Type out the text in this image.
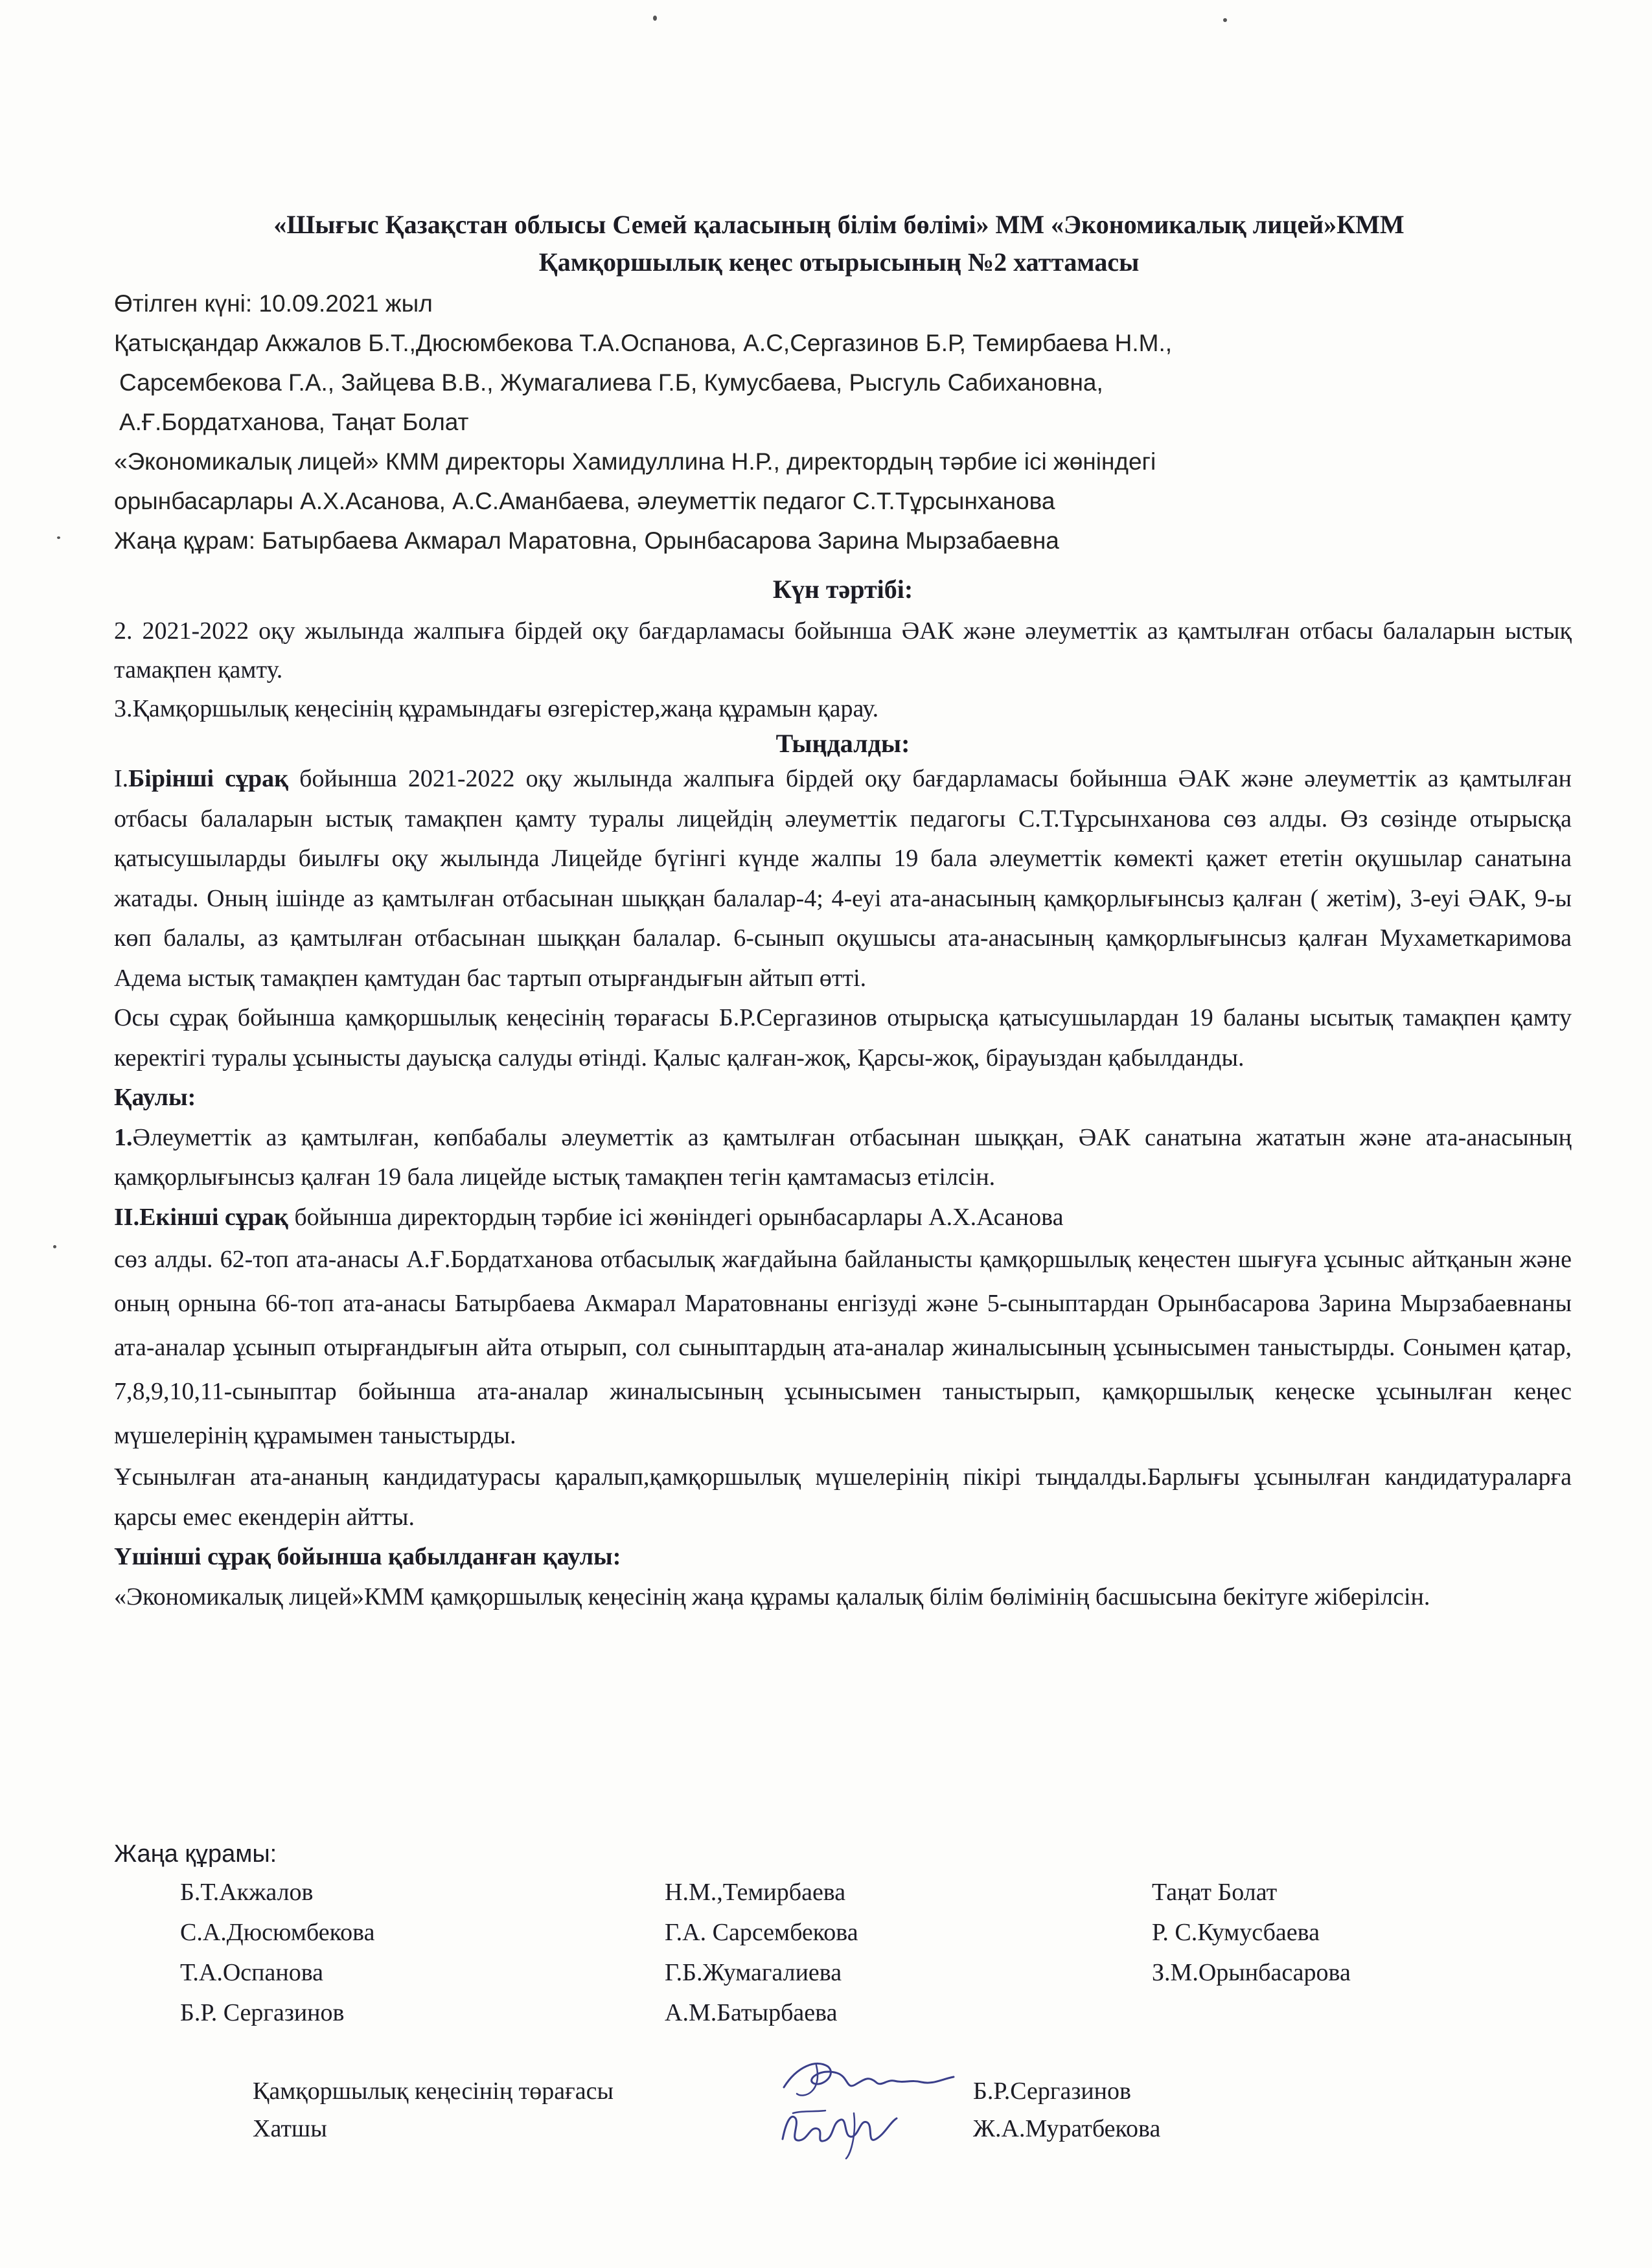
«Шығыс Қазақстан облысы Семей қаласының білім бөлімі» ММ «Экономикалық лицей»КММ
Қамқоршылық кеңес отырысының №2 хаттамасы

Өтілген күні: 10.09.2021 жыл

Қатысқандар Акжалов Б.Т.,Дюсюмбекова Т.А.Оспанова, А.С,Сергазинов Б.Р, Темирбаева Н.М.,

Сарсембекова Г.А., Зайцева В.В., Жумагалиева Г.Б, Кумусбаева, Рысгуль Сабихановна,

А.Ғ.Бордатханова, Таңат Болат

«Экономикалық лицей» КММ директоры Хамидуллина Н.Р., директордың тәрбие ісі жөніндегі

орынбасарлары А.Х.Асанова, А.С.Аманбаева, әлеуметтік педагог С.Т.Тұрсынханова

Жаңа құрам: Батырбаева Акмарал Маратовна, Орынбасарова Зарина Мырзабаевна

Күн тәртібі:

2. 2021-2022 оқу жылында жалпыға бірдей оқу бағдарламасы бойынша ӘАК және әлеуметтік аз қамтылған отбасы балаларын ыстық тамақпен қамту.

3.Қамқоршылық кеңесінің құрамындағы өзгерістер,жаңа құрамын қарау.

Тыңдалды:

І.Бірінші сұрақ бойынша 2021-2022 оқу жылында жалпыға бірдей оқу бағдарламасы бойынша ӘАК және әлеуметтік аз қамтылған отбасы балаларын ыстық тамақпен қамту туралы лицейдің әлеуметтік педагогы С.Т.Тұрсынханова сөз алды. Өз сөзінде отырысқа қатысушыларды биылғы оқу жылында Лицейде бүгінгі күнде жалпы 19 бала әлеуметтік көмекті қажет ететін оқушылар санатына жатады. Оның ішінде аз қамтылған отбасынан шыққан балалар-4; 4-еуі ата-анасының қамқорлығынсыз қалған ( жетім), 3-еуі ӘАК, 9-ы көп балалы, аз қамтылған отбасынан шыққан балалар. 6-сынып оқушысы ата-анасының қамқорлығынсыз қалған Мухаметкаримова Адема ыстық тамақпен қамтудан бас тартып отырғандығын айтып өтті.

Осы сұрақ бойынша қамқоршылық кеңесінің төрағасы Б.Р.Сергазинов отырысқа қатысушылардан 19 баланы ысытық тамақпен қамту керектігі туралы ұсынысты дауысқа салуды өтінді. Қалыс қалған-жоқ, Қарсы-жоқ, бірауыздан қабылданды.

Қаулы:

1.Әлеуметтік аз қамтылған, көпбабалы әлеуметтік аз қамтылған отбасынан шыққан, ӘАК санатына жататын және ата-анасының қамқорлығынсыз қалған 19 бала лицейде ыстық тамақпен тегін қамтамасыз етілсін.

ІІ.Екінші сұрақ бойынша директордың тәрбие ісі жөніндегі орынбасарлары А.Х.Асанова

сөз алды. 62-топ ата-анасы А.Ғ.Бордатханова отбасылық жағдайына байланысты қамқоршылық кеңестен шығуға ұсыныс айтқанын және оның орнына 66-топ ата-анасы Батырбаева Акмарал Маратовнаны енгізуді және 5-сыныптардан Орынбасарова Зарина Мырзабаевнаны ата-аналар ұсынып отырғандығын айта отырып, сол сыныптардың ата-аналар жиналысының ұсынысымен таныстырды. Сонымен қатар, 7,8,9,10,11-сыныптар бойынша ата-аналар жиналысының ұсынысымен таныстырып, қамқоршылық кеңеске ұсынылған кеңес мүшелерінің құрамымен таныстырды.

Ұсынылған ата-ананың кандидатурасы қаралып,қамқоршылық мүшелерінің пікірі тыңдалды.Барлығы ұсынылған кандидатураларға қарсы емес екендерін айтты.

Үшінші сұрақ бойынша қабылданған қаулы:

«Экономикалық лицей»КММ қамқоршылық кеңесінің жаңа құрамы қалалық білім бөлімінің басшысына бекітуге жіберілсін.

Жаңа құрамы:
Б.Т.Акжалов
С.А.Дюсюмбекова
Т.А.Оспанова
Б.Р. Сергазинов
Н.М.,Темирбаева
Г.А. Сарсембекова
Г.Б.Жумагалиева
А.М.Батырбаева
Таңат Болат
Р. С.Кумусбаева
З.М.Орынбасарова
Қамқоршылық кеңесінің төрағасы	Б.Р.Сергазинов
Хатшы	Ж.А.Муратбекова
